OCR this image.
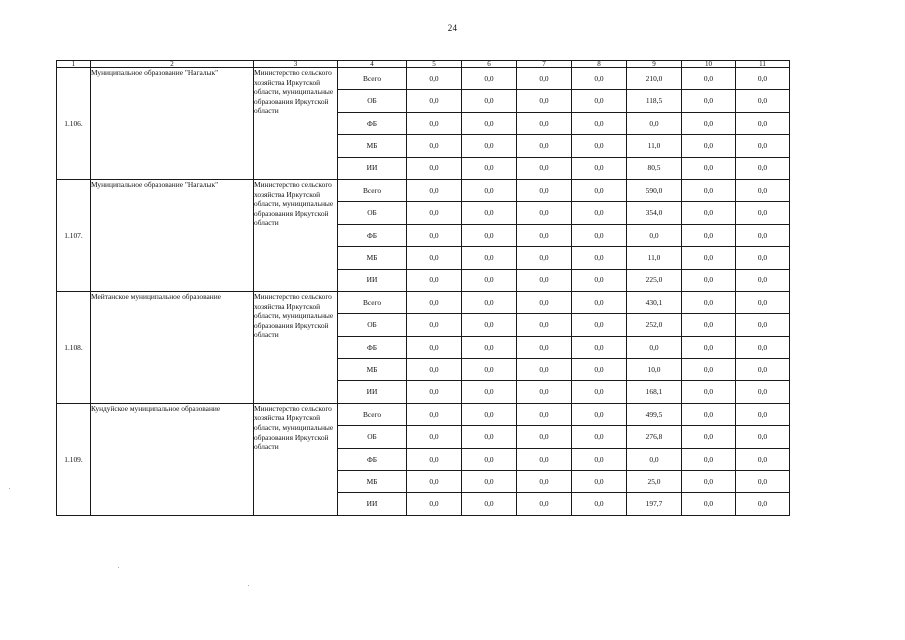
24
1	2	3	4	5	6	7	8	9	10	11
1.106.	Муниципальное образование "Нагалык"	Министерство сельского хозяйства Иркутской области, муниципальные образования Иркутской области	Всего	0,0	0,0	0,0	0,0	210,0	0,0	0,0
			ОБ	0,0	0,0	0,0	0,0	118,5	0,0	0,0
			ФБ	0,0	0,0	0,0	0,0	0,0	0,0	0,0
			МБ	0,0	0,0	0,0	0,0	11,0	0,0	0,0
			ИИ	0,0	0,0	0,0	0,0	80,5	0,0	0,0
1.107.	Муниципальное образование "Нагалык"	Министерство сельского хозяйства Иркутской области, муниципальные образования Иркутской области	Всего	0,0	0,0	0,0	0,0	590,0	0,0	0,0
			ОБ	0,0	0,0	0,0	0,0	354,0	0,0	0,0
			ФБ	0,0	0,0	0,0	0,0	0,0	0,0	0,0
			МБ	0,0	0,0	0,0	0,0	11,0	0,0	0,0
			ИИ	0,0	0,0	0,0	0,0	225,0	0,0	0,0
1.108.	Мейтанское муниципальное образование	Министерство сельского хозяйства Иркутской области, муниципальные образования Иркутской области	Всего	0,0	0,0	0,0	0,0	430,1	0,0	0,0
			ОБ	0,0	0,0	0,0	0,0	252,0	0,0	0,0
			ФБ	0,0	0,0	0,0	0,0	0,0	0,0	0,0
			МБ	0,0	0,0	0,0	0,0	10,0	0,0	0,0
			ИИ	0,0	0,0	0,0	0,0	168,1	0,0	0,0
1.109.	Кундуйское муниципальное образование	Министерство сельского хозяйства Иркутской области, муниципальные образования Иркутской области	Всего	0,0	0,0	0,0	0,0	499,5	0,0	0,0
			ОБ	0,0	0,0	0,0	0,0	276,8	0,0	0,0
			ФБ	0,0	0,0	0,0	0,0	0,0	0,0	0,0
			МБ	0,0	0,0	0,0	0,0	25,0	0,0	0,0
			ИИ	0,0	0,0	0,0	0,0	197,7	0,0	0,0
